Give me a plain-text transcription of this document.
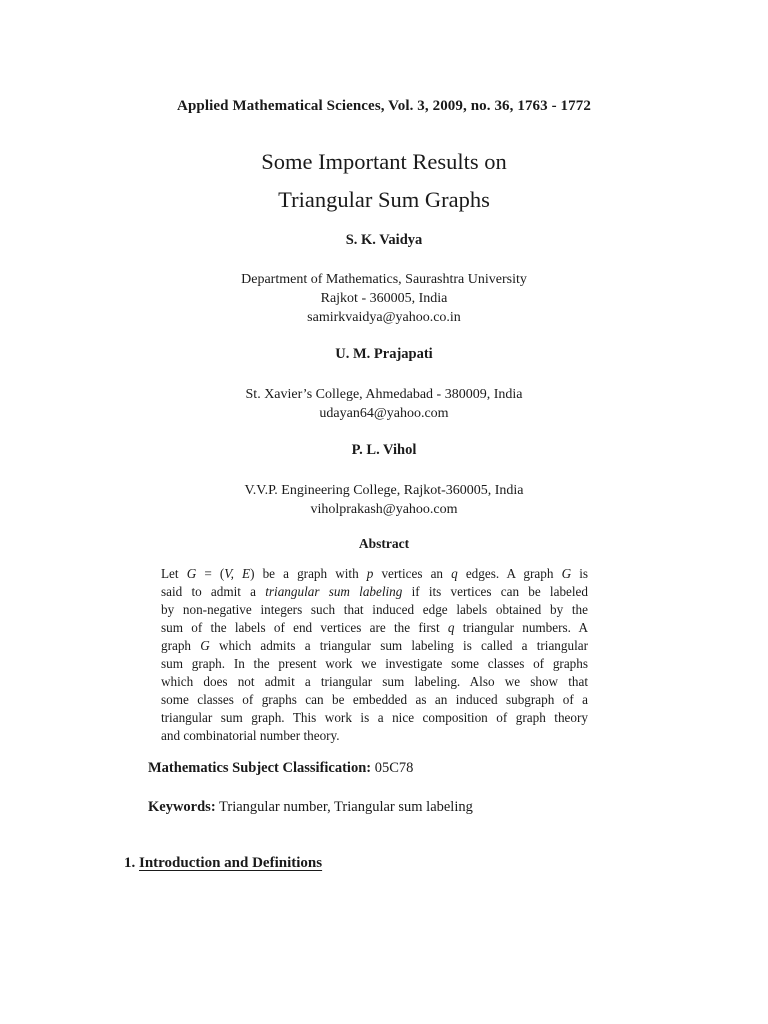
Applied Mathematical Sciences, Vol. 3, 2009, no. 36, 1763 - 1772
Some Important Results on
Triangular Sum Graphs
S. K. Vaidya
Department of Mathematics, Saurashtra University
Rajkot - 360005, India
samirkvaidya@yahoo.co.in
U. M. Prajapati
St. Xavier’s College, Ahmedabad - 380009, India
udayan64@yahoo.com
P. L. Vihol
V.V.P. Engineering College, Rajkot-360005, India
viholprakash@yahoo.com
Abstract
Let G = (V, E) be a graph with p vertices an q edges. A graph G is
said to admit a triangular sum labeling if its vertices can be labeled
by non-negative integers such that induced edge labels obtained by the
sum of the labels of end vertices are the first q triangular numbers. A
graph G which admits a triangular sum labeling is called a triangular
sum graph. In the present work we investigate some classes of graphs
which does not admit a triangular sum labeling. Also we show that
some classes of graphs can be embedded as an induced subgraph of a
triangular sum graph. This work is a nice composition of graph theory
and combinatorial number theory.
Mathematics Subject Classification: 05C78
Keywords: Triangular number, Triangular sum labeling
1. Introduction and Definitions
